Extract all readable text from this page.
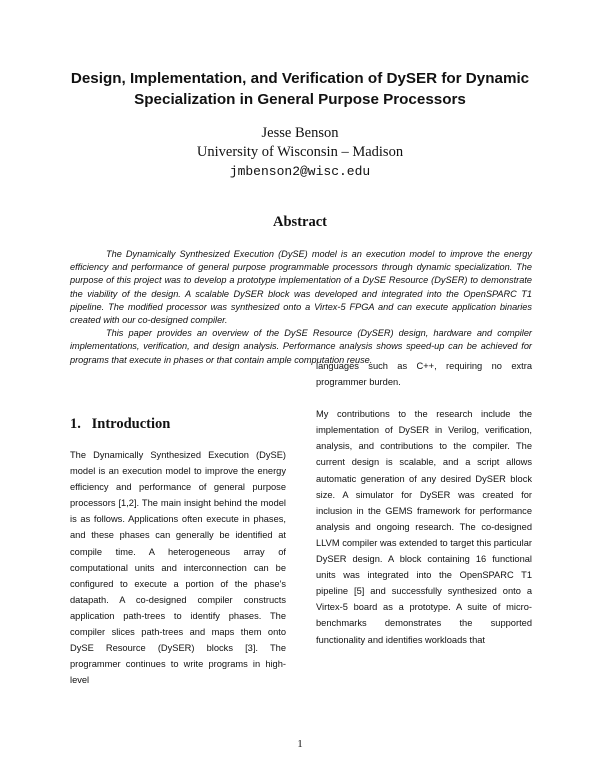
Design, Implementation, and Verification of DySER for Dynamic Specialization in General Purpose Processors
Jesse Benson
University of Wisconsin – Madison
jmbenson2@wisc.edu
Abstract

The Dynamically Synthesized Execution (DySE) model is an execution model to improve the energy efficiency and performance of general purpose programmable processors through dynamic specialization. The purpose of this project was to develop a prototype implementation of a DySE Resource (DySER) to demonstrate the viability of the design. A scalable DySER block was developed and integrated into the OpenSPARC T1 pipeline. The modified processor was synthesized onto a Virtex-5 FPGA and can execute application binaries created with our co-designed compiler.

This paper provides an overview of the DySE Resource (DySER) design, hardware and compiler implementations, verification, and design analysis. Performance analysis shows speed-up can be achieved for programs that execute in phases or that contain ample computation reuse.

1. Introduction

The Dynamically Synthesized Execution (DySE) model is an execution model to improve the energy efficiency and performance of general purpose processors [1,2]. The main insight behind the model is as follows. Applications often execute in phases, and these phases can generally be identified at compile time. A heterogeneous array of computational units and interconnection can be configured to execute a portion of the phase's datapath. A co-designed compiler constructs application path-trees to identify phases. The compiler slices path-trees and maps them onto DySE Resource (DySER) blocks [3]. The programmer continues to write programs in high-level

languages such as C++, requiring no extra programmer burden.

My contributions to the research include the implementation of DySER in Verilog, verification, analysis, and contributions to the compiler. The current design is scalable, and a script allows automatic generation of any desired DySER block size. A simulator for DySER was created for inclusion in the GEMS framework for performance analysis and ongoing research. The co-designed LLVM compiler was extended to target this particular DySER design. A block containing 16 functional units was integrated into the OpenSPARC T1 pipeline [5] and successfully synthesized onto a Virtex-5 board as a prototype. A suite of micro-benchmarks demonstrates the supported functionality and identifies workloads that

1
